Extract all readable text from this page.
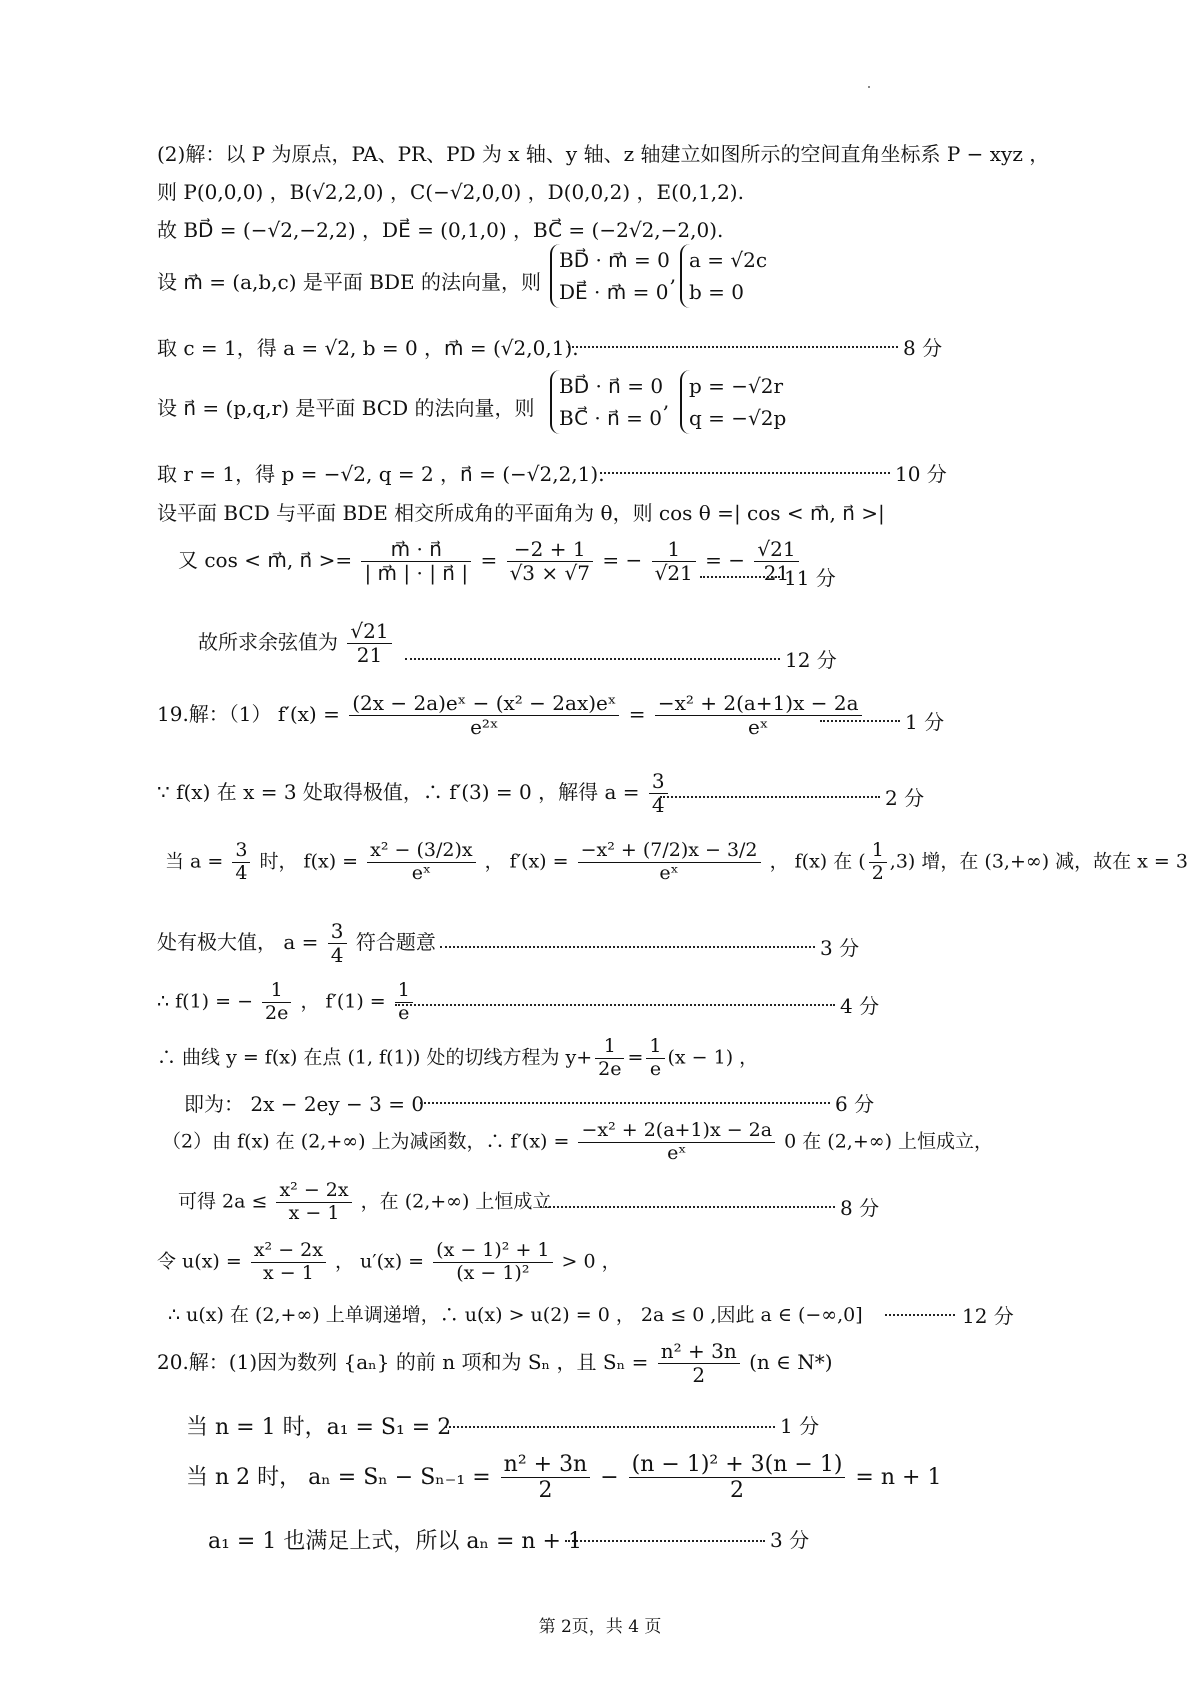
(2)解：以 P 为原点，PA、PR、PD 为 x 轴、y 轴、z 轴建立如图所示的空间直角坐标系 P − xyz ，
则 P(0,0,0) ，B(√2,2,0) ，C(−√2,0,0) ，D(0,0,2) ，E(0,1,2).
故 BD⃗ = (−√2,−2,2) ，DE⃗ = (0,1,0) ，BC⃗ = (−2√2,−2,0).
设 m⃗ = (a,b,c) 是平面 BDE 的法向量，则
BD⃗ · m⃗ = 0
DE⃗ · m⃗ = 0
,
a = √2c
b = 0
取 c = 1，得 a = √2, b = 0 ，m⃗ = (√2,0,1).	8 分
设 n⃗ = (p,q,r) 是平面 BCD 的法向量，则
BD⃗ · n⃗ = 0
BC⃗ · n⃗ = 0
,
p = −√2r
q = −√2p
取 r = 1，得 p = −√2, q = 2 ，n⃗ = (−√2,2,1).	10 分
设平面 BCD 与平面 BDE 相交所成角的平面角为 θ，则 cos θ =| cos < m⃗, n⃗ >|
又 cos < m⃗, n⃗ >= $\frac{m⃗ \cdot n⃗}{| m⃗ | \cdot | n⃗ |} = \frac{-2 + 1}{√3 \times √7}$ = − $\frac{1}{√21}$ = − $\frac{√21}{21}$
11 分
故所求余弦值为 $\frac{√21}{21}$	12 分
19.解：（1） $f'(x) = \frac{\text{(2x − 2a)eˣ − (x² − 2ax)eˣ}}{\text{e²ˣ}} = \frac{\text{−x² + 2(a+1)x − 2a}}{\text{eˣ}} 1$ 分
∵ f(x) 在 x = 3 处取得极值，∴ f′(3) = 0 ，解得 $a = \frac{3}{4}$	2 分
当 $a = \frac{3}{4}$ 时， $f(x) = \frac{\text{x² − (3/2)x}}{\text{eˣ}}$ ， $f'(x) = \frac{\text{−x² + (7/2)x − 3/2}}{\text{eˣ}}$ ， f(x) 在 ( $\frac{1}{2} ,3$) 增，在 (3,+∞) 减，故在 x = 3
处有极大值， $a = \frac{3}{4}$ 符合题意	3 分
∴ f(1) = − $\frac{1}{2e}$ ， $f'(1) = \frac{1}{e}$	4 分
∴ 曲线 y = f(x) 在点 (1, f(1)) 处的切线方程为 $y+ \frac{1}{2e} = \frac{1}{e} (x - 1)$ ，
即为： 2x − 2ey − 3 = 0	6 分
（2）由 f(x) 在 (2,+∞) 上为减函数，∴ $f'(x) = \frac{\text{−x² + 2(a+1)x − 2a}}{\text{eˣ}} 0$ 在 (2,+∞) 上恒成立，
可得 $2a \le \frac{\text{x² − 2x}}{x - 1}$ ，在 (2,+∞) 上恒成立	8 分
令 $u(x) = \frac{\text{x² − 2x}}{x - 1}$ ， $u'(x) = \frac{\text{(x − 1)² + 1}}{\text{(x − 1)²}} > 0$ ，
∴ u(x) 在 (2,+∞) 上单调递增，∴ u(x) > u(2) = 0 ， 2a ≤ 0 ,因此 a ∈ (−∞,0]	12 分
20.解：(1)因为数列 {aₙ} 的前 n 项和为 Sₙ ，且 $S_n = \frac{\text{n² + 3n}}{2} (n$ ∈ N*)
当 n = 1 时，a₁ = S₁ = 2	1 分
当 n 2 时， $a_n = S_n - S_{n-1} = \frac{\text{n² + 3n}}{2} - \frac{\text{(n − 1)² + 3(n − 1)}}{2} = n + 1$
a₁ = 1 也满足上式，所以 aₙ = n + 1	3 分
第 2页，共 4 页
